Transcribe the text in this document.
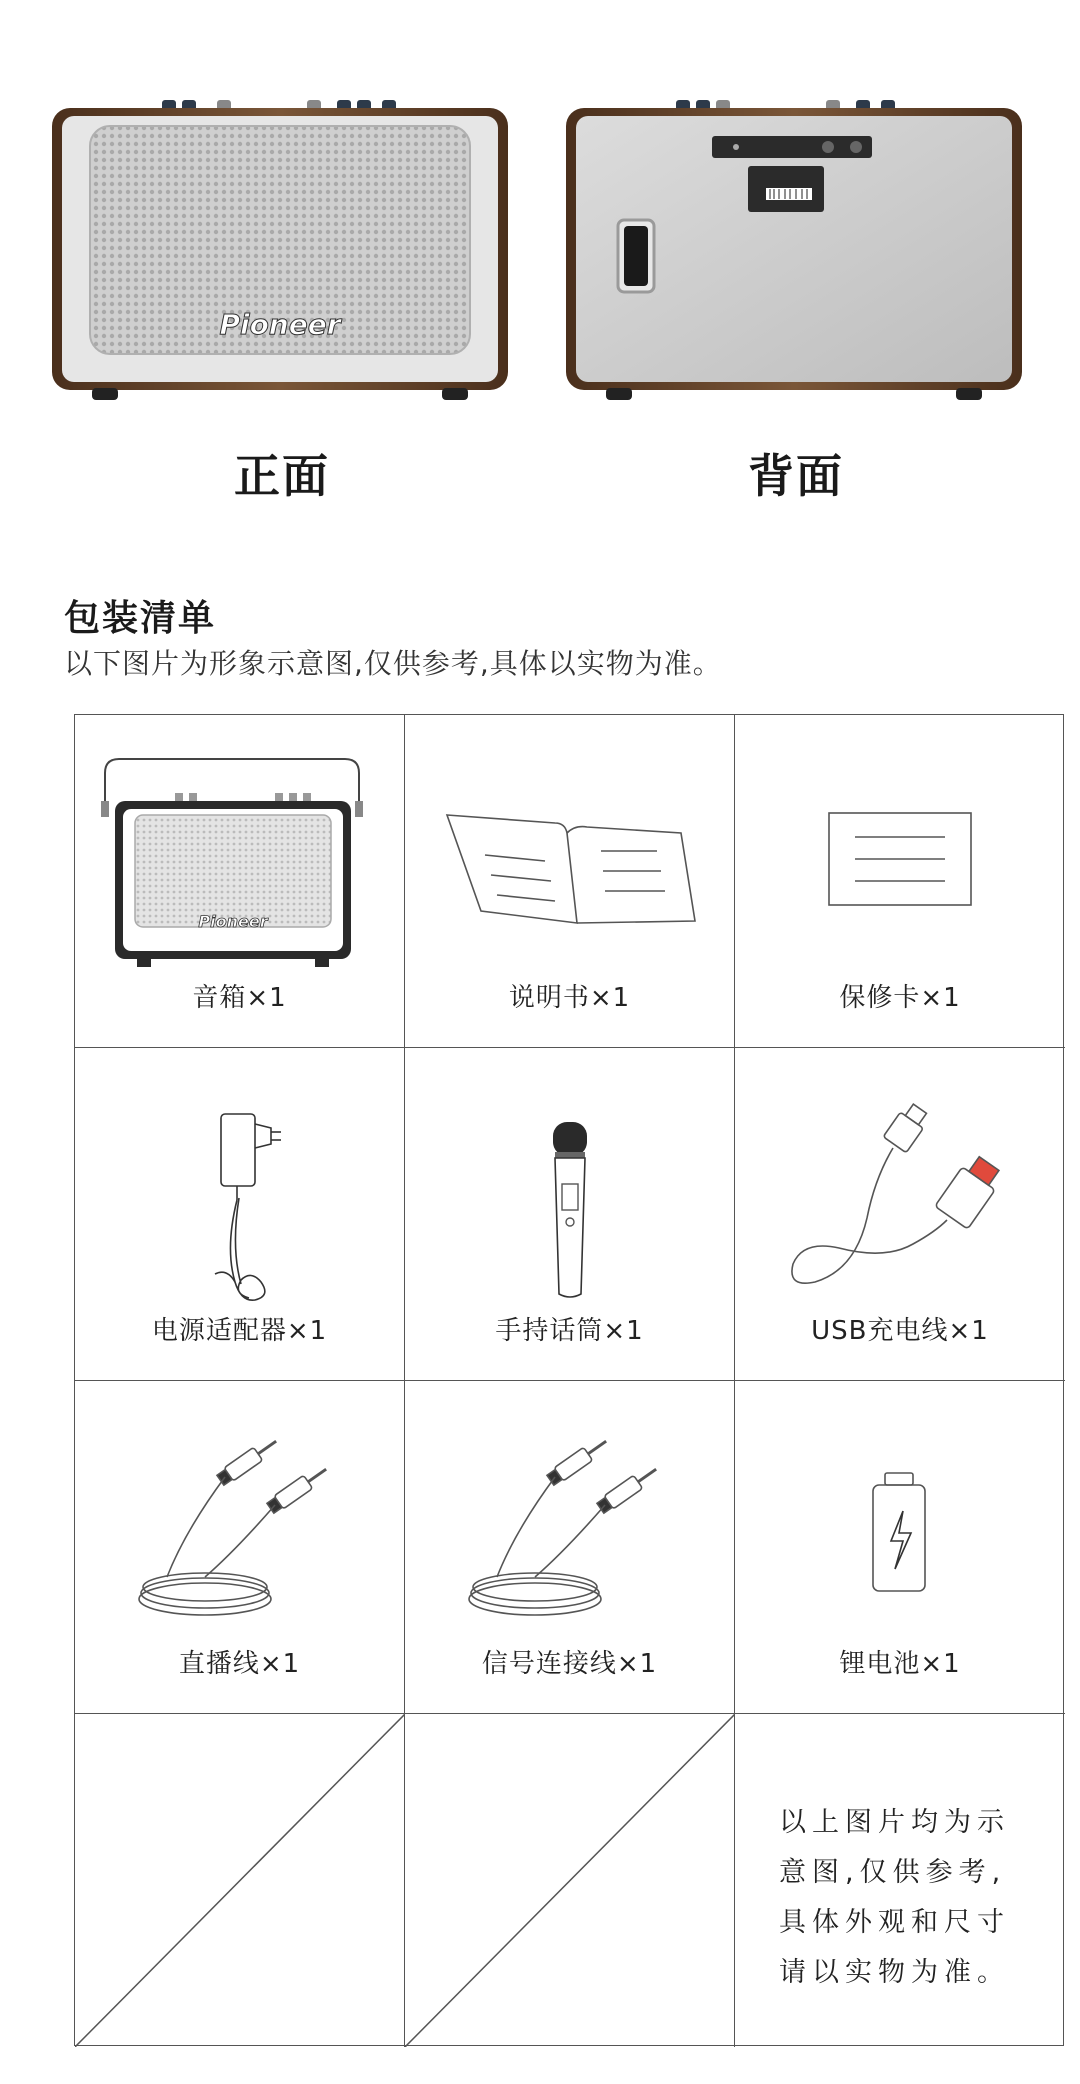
Pioneer
正面	背面
包装清单
以下图片为形象示意图,仅供参考,具体以实物为准。
Pioneer
音箱×1	说明书×1	保修卡×1
电源适配器×1	手持话筒×1	USB充电线×1
直播线×1	信号连接线×1	锂电池×1
以上图片均为示意图,仅供参考,具体外观和尺寸请以实物为准。
